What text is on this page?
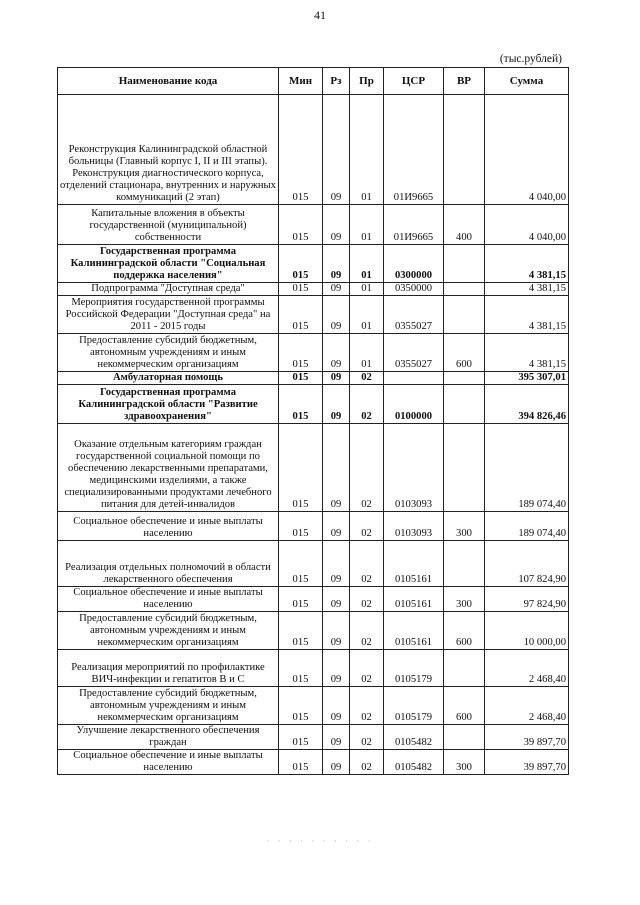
41
(тыс.рублей)
Наименование кода	Мин	Рз	Пр	ЦСР	ВР	Сумма
Реконструкция Калининградской областной больницы (Главный корпус I, II и III этапы). Реконструкция диагностического корпуса, отделений стационара, внутренних и наружных коммуникаций (2 этап)	015	09	01	01И9665		4 040,00
Капитальные вложения в объекты государственной (муниципальной) собственности	015	09	01	01И9665	400	4 040,00
Государственная программа Калининградской области "Социальная поддержка населения"	015	09	01	0300000		4 381,15
Подпрограмма "Доступная среда"	015	09	01	0350000		4 381,15
Мероприятия государственной программы Российской Федерации "Доступная среда" на 2011 - 2015 годы	015	09	01	0355027		4 381,15
Предоставление субсидий бюджетным, автономным учреждениям и иным некоммерческим организациям	015	09	01	0355027	600	4 381,15
Амбулаторная помощь	015	09	02			395 307,01
Государственная программа Калининградской области "Развитие здравоохранения"	015	09	02	0100000		394 826,46
Оказание отдельным категориям граждан государственной социальной помощи по обеспечению лекарственными препаратами, медицинскими изделиями, а также специализированными продуктами лечебного питания для детей-инвалидов	015	09	02	0103093		189 074,40
Социальное обеспечение и иные выплаты населению	015	09	02	0103093	300	189 074,40
Реализация отдельных полномочий в области лекарственного обеспечения	015	09	02	0105161		107 824,90
Социальное обеспечение и иные выплаты населению	015	09	02	0105161	300	97 824,90
Предоставление субсидий бюджетным, автономным учреждениям и иным некоммерческим организациям	015	09	02	0105161	600	10 000,00
Реализация мероприятий по профилактике ВИЧ-инфекции и гепатитов B и C	015	09	02	0105179		2 468,40
Предоставление субсидий бюджетным, автономным учреждениям и иным некоммерческим организациям	015	09	02	0105179	600	2 468,40
Улучшение лекарственного обеспечения граждан	015	09	02	0105482		39 897,70
Социальное обеспечение и иные выплаты населению	015	09	02	0105482	300	39 897,70
· · · · · · · · · ·
